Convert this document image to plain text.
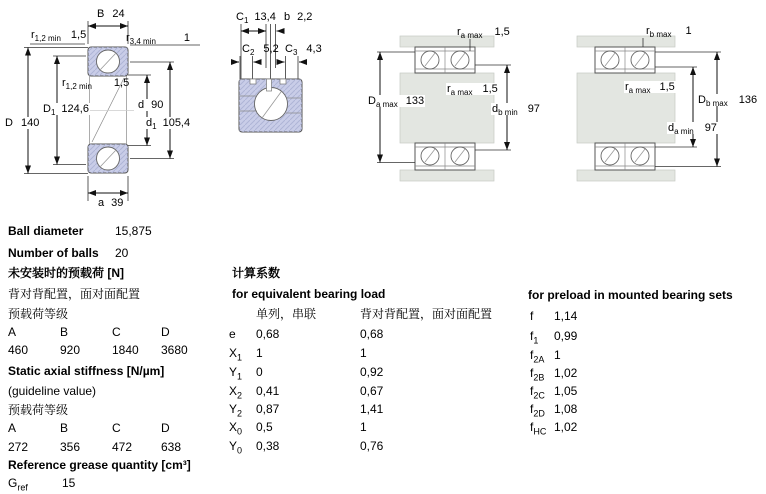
B 24
$r_{1,2 min}$ 1,5	$r_{3,4 min}$	1
$r_{1,2 min}$ 1,5
$D_1$ 124,6	d 90
D 140	$d_1$ 105,4
a 39
$C_1$ 13,4 b 2,2
$C_2$ 5,2 $C_3$ 4,3
$r_{a max}$ 1,5
$D_{a max}$ 133
$r_{a max}$ 1,5
$d_{b min}$ 97
$r_{b max}$ 1
$r_{a max}$ 1,5
$D_{b max}$ 136
$d_{a min}$ 97
Ball diameter	15,875
Number of balls 20
未安装时的预载荷 [N]
背对背配置，面对面配置
预载荷等级
A	B	C	D
460	920	1840 3680
Static axial stiffness [N/µm]
(guideline value)
预载荷等级
A	B	C	D
272	356	472 638
Reference grease quantity [cm³]
$G_{ref}$	15
计算系数
for equivalent bearing load
单列，串联	背对背配置，面对面配置
e 0,68	0,68
$X_1$ 1	1
$Y_1$ 0	0,92
$X_2$ 0,41	0,67
$Y_2$ 0,87	1,41
$X_0$ 0,5	1
$Y_0$ 0,38	0,76
for preload in mounted bearing sets
f 1,14
$f_1$ 0,99
$f_{2A}$ 1
$f_{2B}$ 1,02
$f_{2C}$ 1,05
$f_{2D}$ 1,08
$f_{HC}$ 1,02
